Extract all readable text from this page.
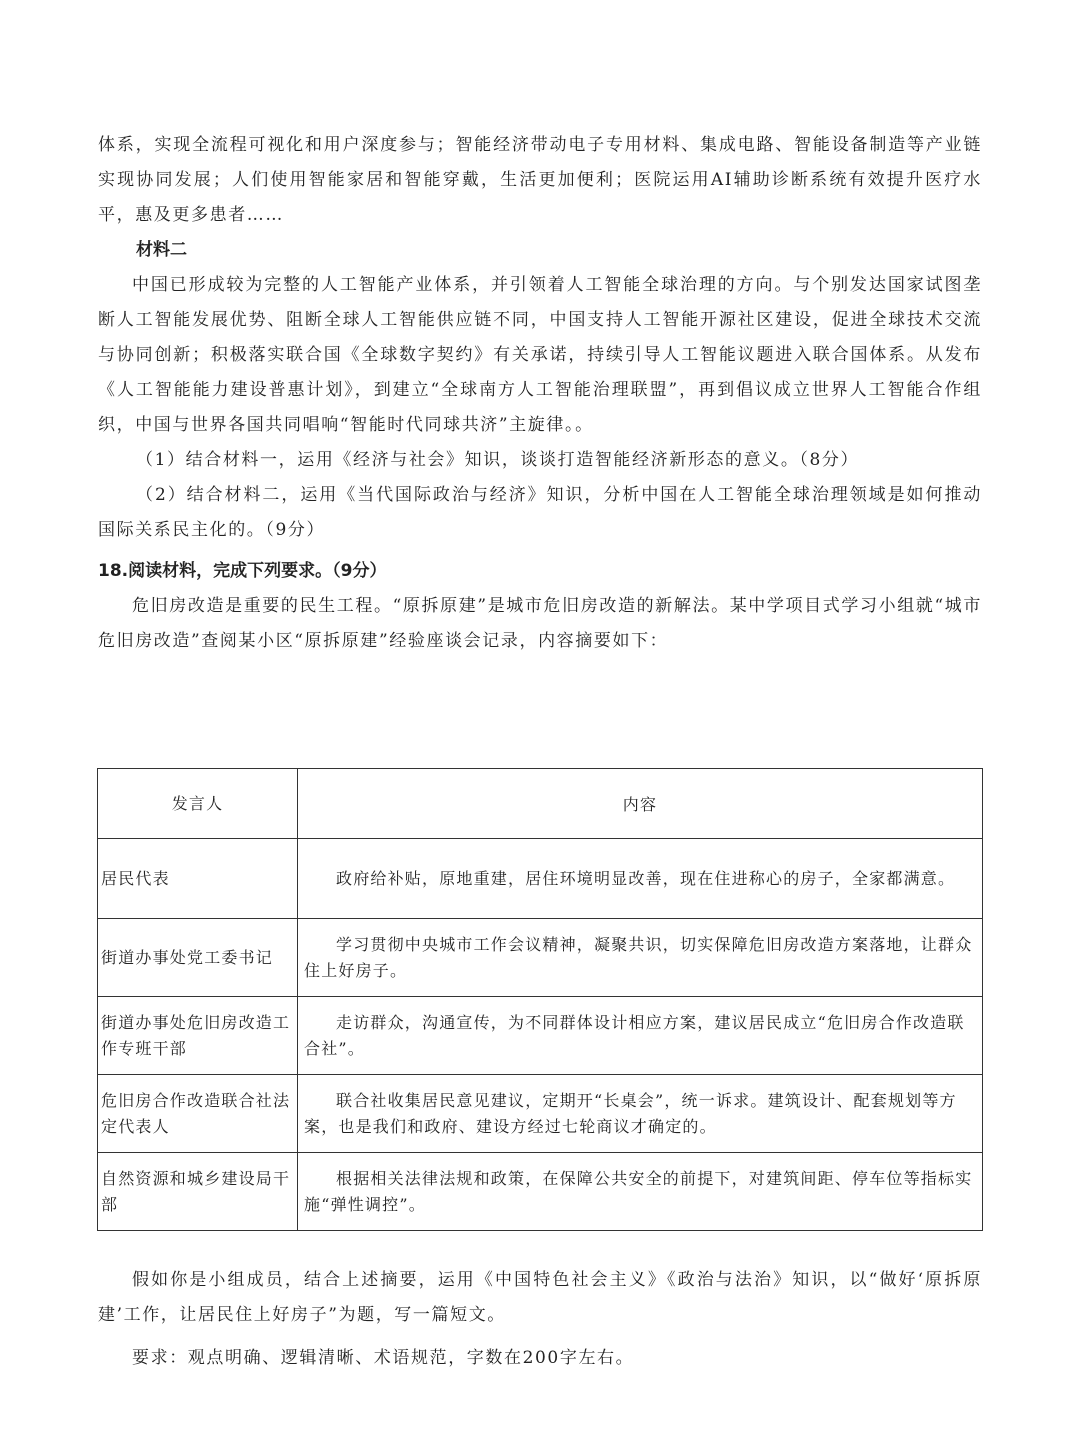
体系，实现全流程可视化和用户深度参与；智能经济带动电子专用材料、集成电路、智能设备制造等产业链实现协同发展；人们使用智能家居和智能穿戴，生活更加便利；医院运用AI辅助诊断系统有效提升医疗水平，惠及更多患者……

材料二

中国已形成较为完整的人工智能产业体系，并引领着人工智能全球治理的方向。与个别发达国家试图垄断人工智能发展优势、阻断全球人工智能供应链不同，中国支持人工智能开源社区建设，促进全球技术交流与协同创新；积极落实联合国《全球数字契约》有关承诺，持续引导人工智能议题进入联合国体系。从发布《人工智能能力建设普惠计划》，到建立“全球南方人工智能治理联盟”，再到倡议成立世界人工智能合作组织，中国与世界各国共同唱响“智能时代同球共济”主旋律。。

（1）结合材料一，运用《经济与社会》知识，谈谈打造智能经济新形态的意义。（8分）

（2）结合材料二，运用《当代国际政治与经济》知识，分析中国在人工智能全球治理领域是如何推动国际关系民主化的。（9分）

18.阅读材料，完成下列要求。（9分）

危旧房改造是重要的民生工程。“原拆原建”是城市危旧房改造的新解法。某中学项目式学习小组就“城市危旧房改造”查阅某小区“原拆原建”经验座谈会记录，内容摘要如下：

发言人	内容
居民代表	政府给补贴，原地重建，居住环境明显改善，现在住进称心的房子，全家都满意。
街道办事处党工委书记	学习贯彻中央城市工作会议精神，凝聚共识，切实保障危旧房改造方案落地，让群众住上好房子。
街道办事处危旧房改造工作专班干部	走访群众，沟通宣传，为不同群体设计相应方案，建议居民成立“危旧房合作改造联合社”。
危旧房合作改造联合社法定代表人	联合社收集居民意见建议，定期开“长桌会”，统一诉求。建筑设计、配套规划等方案，也是我们和政府、建设方经过七轮商议才确定的。
自然资源和城乡建设局干部	根据相关法律法规和政策，在保障公共安全的前提下，对建筑间距、停车位等指标实施“弹性调控”。

假如你是小组成员，结合上述摘要，运用《中国特色社会主义》《政治与法治》知识，以“做好‘原拆原建’工作，让居民住上好房子”为题，写一篇短文。

要求：观点明确、逻辑清晰、术语规范，字数在200字左右。
